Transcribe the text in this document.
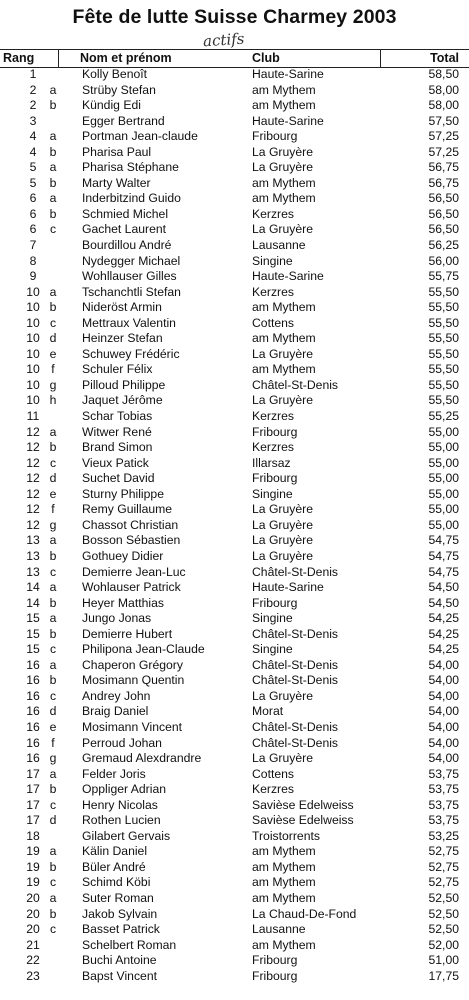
Fête de lutte Suisse Charmey 2003
actifs
Rang	Nom et prénom	Club	Total
1	Kolly Benoît	Haute-Sarine	58,50
2	a Strüby Stefan	am Mythem	58,00
2	b Kündig Edi	am Mythem	58,00
3	Egger Bertrand	Haute-Sarine	57,50
4	a Portman Jean-claude	Fribourg	57,25
4	b Pharisa Paul	La Gruyère	57,25
5	a Pharisa Stéphane	La Gruyère	56,75
5	b Marty Walter	am Mythem	56,75
6	a Inderbitzind Guido	am Mythem	56,50
6	b Schmied Michel	Kerzres	56,50
6	c Gachet Laurent	La Gruyère	56,50
7	Bourdillou André	Lausanne	56,25
8	Nydegger Michael	Singine	56,00
9	Wohllauser Gilles	Haute-Sarine	55,75
10 a Tschanchtli Stefan	Kerzres	55,50
10 b Nideröst Armin	am Mythem	55,50
10 c Mettraux Valentin	Cottens	55,50
10 d Heinzer Stefan	am Mythem	55,50
10 e Schuwey Frédéric	La Gruyère	55,50
10 f	Schuler Félix	am Mythem	55,50
10 g Pilloud Philippe	Châtel-St-Denis	55,50
10 h Jaquet Jérôme	La Gruyère	55,50
11	Schar Tobias	Kerzres	55,25
12 a Witwer René	Fribourg	55,00
12 b Brand Simon	Kerzres	55,00
12 c Vieux Patick	Illarsaz	55,00
12 d Suchet David	Fribourg	55,00
12 e Sturny Philippe	Singine	55,00
12 f	Remy Guillaume	La Gruyère	55,00
12 g Chassot Christian	La Gruyère	55,00
13 a Bosson Sébastien	La Gruyère	54,75
13 b Gothuey Didier	La Gruyère	54,75
13 c Demierre Jean-Luc	Châtel-St-Denis	54,75
14 a Wohlauser Patrick	Haute-Sarine	54,50
14 b Heyer Matthias	Fribourg	54,50
15 a Jungo Jonas	Singine	54,25
15 b Demierre Hubert	Châtel-St-Denis	54,25
15 c Philipona Jean-Claude	Singine	54,25
16 a Chaperon Grégory	Châtel-St-Denis	54,00
16 b Mosimann Quentin	Châtel-St-Denis	54,00
16 c Andrey John	La Gruyère	54,00
16 d Braig Daniel	Morat	54,00
16 e Mosimann Vincent	Châtel-St-Denis	54,00
16 f	Perroud Johan	Châtel-St-Denis	54,00
16 g Gremaud Alexdrandre	La Gruyère	54,00
17 a Felder Joris	Cottens	53,75
17 b Oppliger Adrian	Kerzres	53,75
17 c Henry Nicolas	Savièse Edelweiss	53,75
17 d Rothen Lucien	Savièse Edelweiss	53,75
18	Gilabert Gervais	Troistorrents	53,25
19 a Kälin Daniel	am Mythem	52,75
19 b Büler André	am Mythem	52,75
19 c Schimd Köbi	am Mythem	52,75
20 a Suter Roman	am Mythem	52,50
20 b Jakob Sylvain	La Chaud-De-Fond	52,50
20 c Basset Patrick	Lausanne	52,50
21	Schelbert Roman	am Mythem	52,00
22	Buchi Antoine	Fribourg	51,00
23	Bapst Vincent	Fribourg	17,75
